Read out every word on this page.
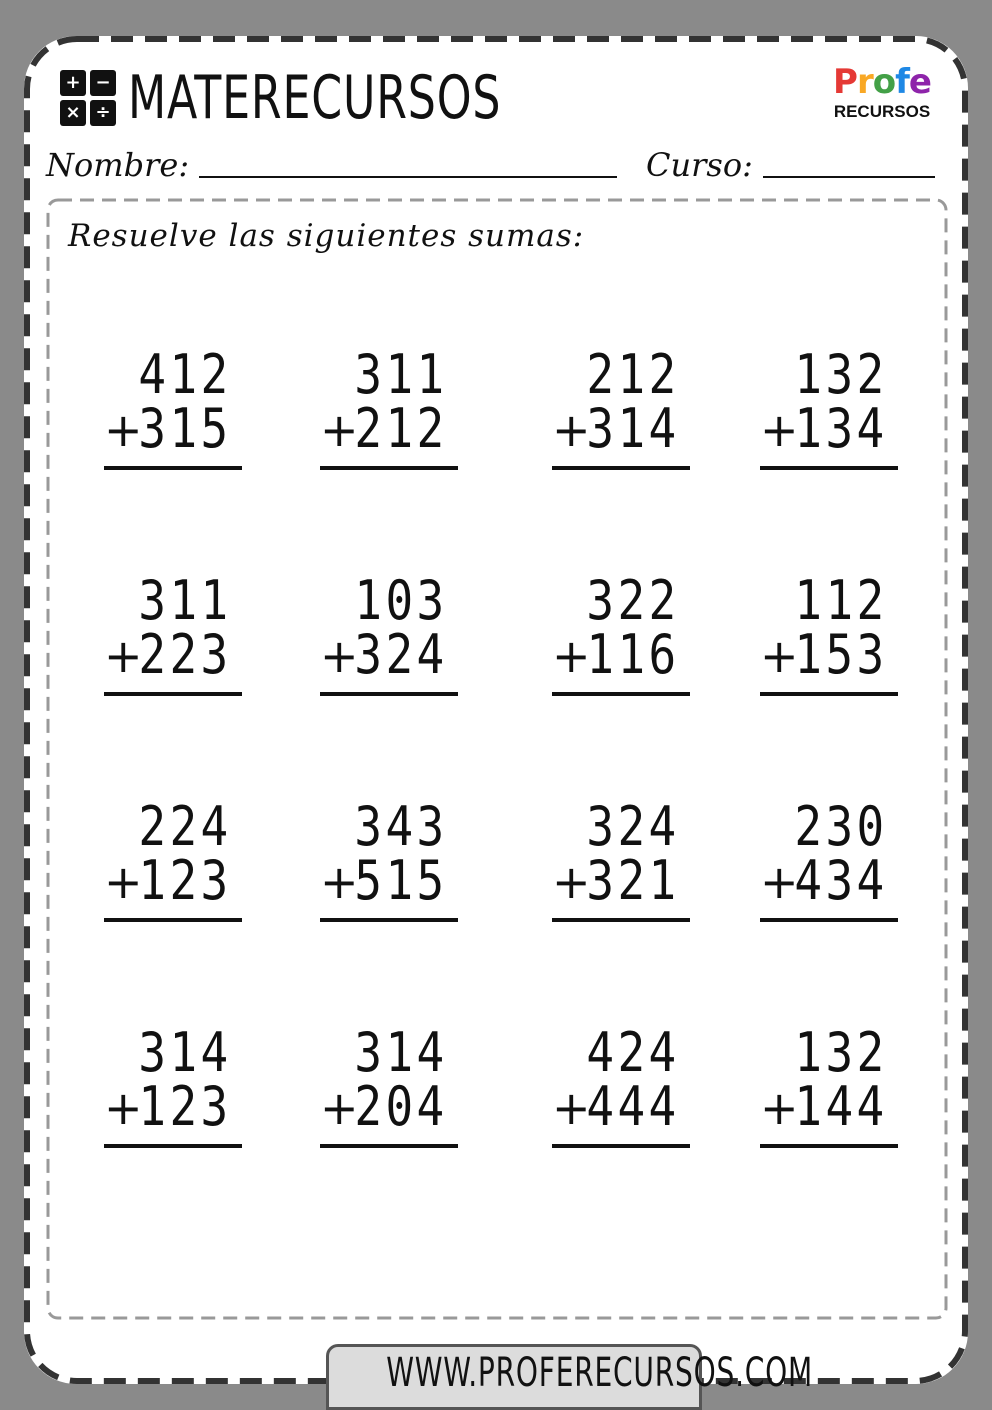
+ −
× ÷ MATERECURSOS	Profe
RECURSOS
Nombre:	Curso:
Resuelve las siguientes sumas:
412
+
315
311
+
212
212
+
314
132
+
134
311
+
223
103
+
324
322
+
116
112
+
153
224
+
123
343
+
515
324
+
321
230
+
434
314
+
123
314
+
204
424
+
444
132
+
144
WWW.PROFERECURSOS.COM
